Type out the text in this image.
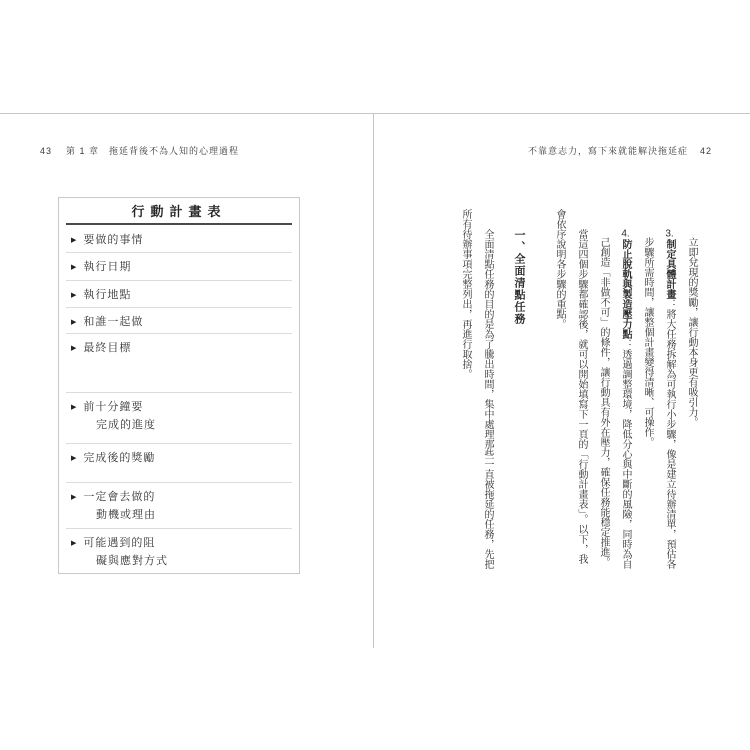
43 第 1 章 拖延背後不為人知的心理過程	不靠意志力，寫下來就能解決拖延症 42
行動計畫表
▶ 要做的事情
▶ 執行日期
▶ 執行地點
▶ 和誰一起做
▶ 最終目標
▶ 前十分鐘要
完成的進度
▶ 完成後的獎勵
▶ 一定會去做的
動機或理由
▶ 可能遇到的阻
礙與應對方式
立即兌現的獎勵，讓行動本身更有吸引力。
3.制定具體計畫：將大任務拆解為可執行小步驟，像是建立待辦清單，預估各
步驟所需時間，讓整個計畫變得清晰、可操作。
4.防止脫軌與製造壓力點：透過調整環境，降低分心與中斷的風險，同時為自
己創造「非做不可」的條件，讓行動具有外在壓力，確保任務能穩定推進。
當這四個步驟都確認後，就可以開始填寫下一頁的「行動計畫表」。以下，我
會依序說明各步驟的重點。
一、全面清點任務
全面清點任務的目的是為了騰出時間，集中處理那些一直被拖延的任務，先把
所有待辦事項完整列出，再進行取捨。
